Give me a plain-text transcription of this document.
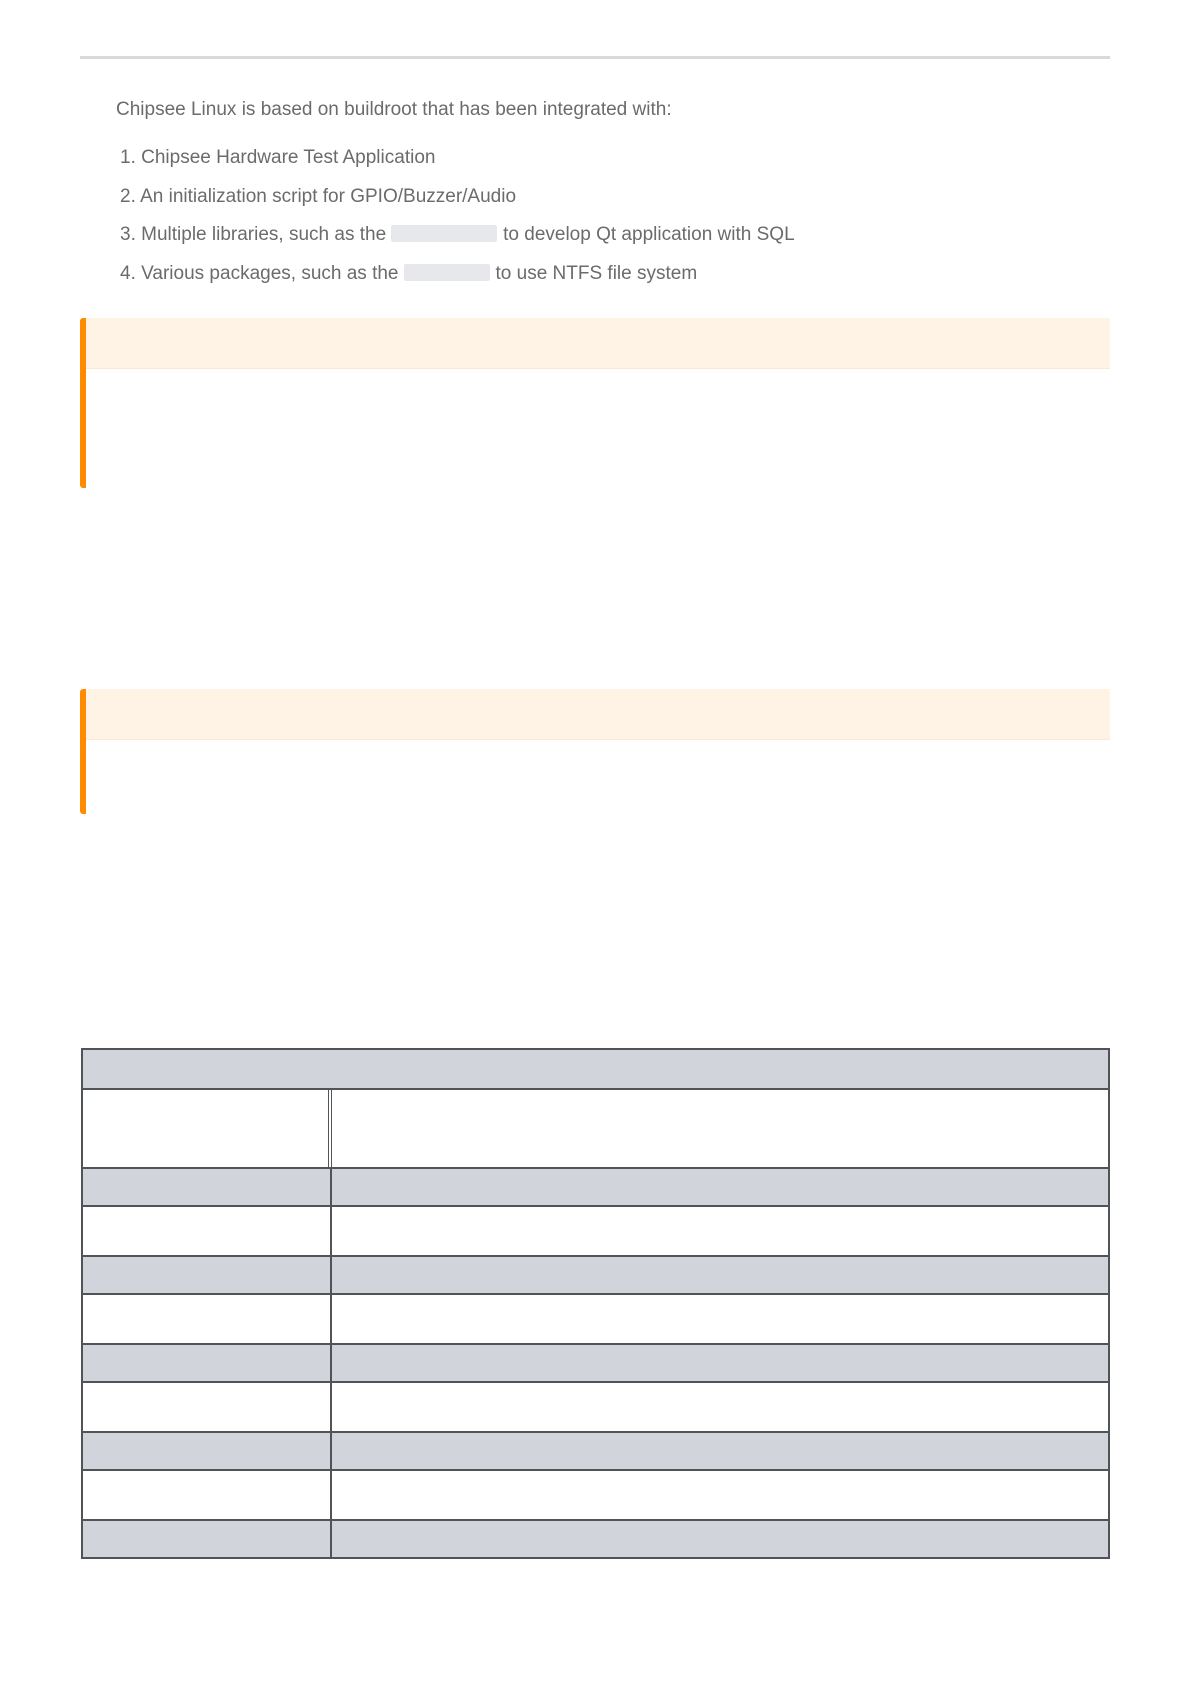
Chipsee Linux is based on buildroot that has been integrated with:

1. Chipsee Hardware Test Application
2. An initialization script for GPIO/Buzzer/Audio
3. Multiple libraries, such as the	to develop Qt application with SQL
4. Various packages, such as the	to use NTFS file system
